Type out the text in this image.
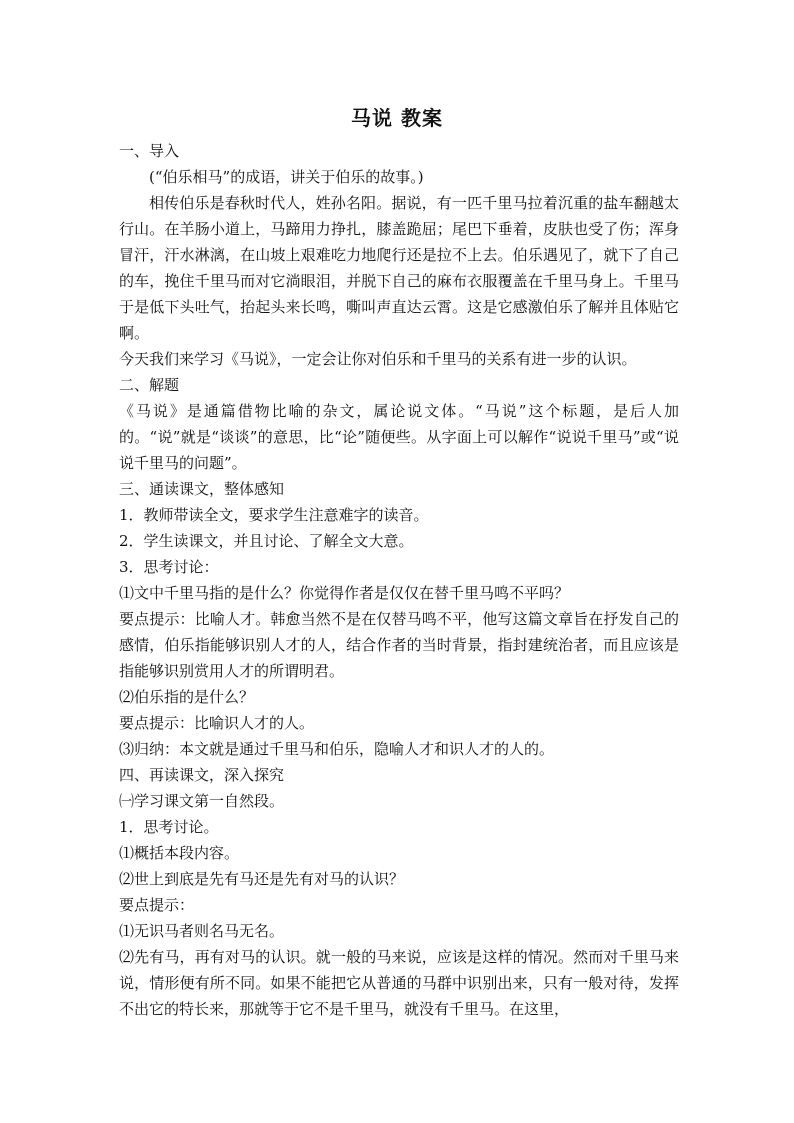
马说 教案

一、导入

(“伯乐相马”的成语，讲关于伯乐的故事。)

相传伯乐是春秋时代人，姓孙名阳。据说，有一匹千里马拉着沉重的盐车翻越太行山。在羊肠小道上，马蹄用力挣扎，膝盖跪屈；尾巴下垂着，皮肤也受了伤；浑身冒汗，汗水淋漓，在山坡上艰难吃力地爬行还是拉不上去。伯乐遇见了，就下了自己的车，挽住千里马而对它淌眼泪，并脱下自己的麻布衣服覆盖在千里马身上。千里马于是低下头吐气，抬起头来长鸣，嘶叫声直达云霄。这是它感激伯乐了解并且体贴它啊。

今天我们来学习《马说》，一定会让你对伯乐和千里马的关系有进一步的认识。

二、解题

《马说》是通篇借物比喻的杂文，属论说文体。“马说”这个标题，是后人加的。“说”就是“谈谈”的意思，比“论”随便些。从字面上可以解作“说说千里马”或“说说千里马的问题”。

三、通读课文，整体感知

1．教师带读全文，要求学生注意难字的读音。

2．学生读课文，并且讨论、了解全文大意。

3．思考讨论：

⑴文中千里马指的是什么？你觉得作者是仅仅在替千里马鸣不平吗？

要点提示：比喻人才。韩愈当然不是在仅替马鸣不平，他写这篇文章旨在抒发自己的感情，伯乐指能够识别人才的人，结合作者的当时背景，指封建统治者，而且应该是指能够识别赏用人才的所谓明君。

⑵伯乐指的是什么？

要点提示：比喻识人才的人。

⑶归纳：本文就是通过千里马和伯乐，隐喻人才和识人才的人的。

四、再读课文，深入探究

㈠学习课文第一自然段。

1．思考讨论。

⑴概括本段内容。

⑵世上到底是先有马还是先有对马的认识？

要点提示：

⑴无识马者则名马无名。

⑵先有马，再有对马的认识。就一般的马来说，应该是这样的情况。然而对千里马来说，情形便有所不同。如果不能把它从普通的马群中识别出来，只有一般对待，发挥不出它的特长来，那就等于它不是千里马，就没有千里马。在这里，
